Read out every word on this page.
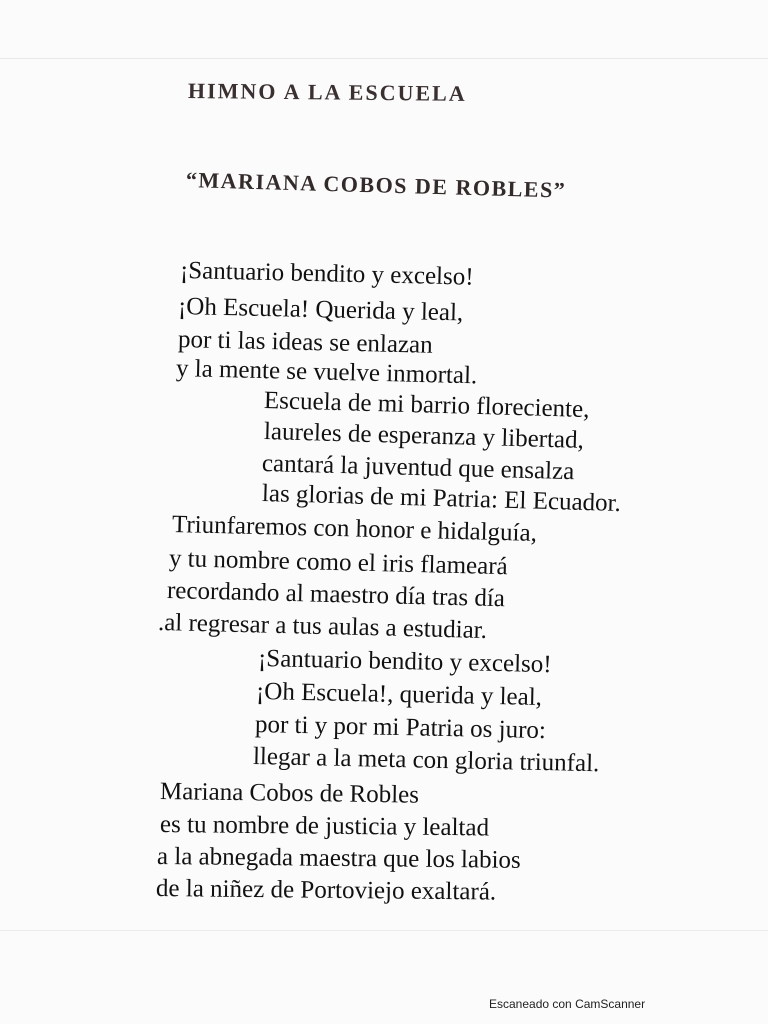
HIMNO A LA ESCUELA
“MARIANA COBOS DE ROBLES”
¡Santuario bendito y excelso!
¡Oh Escuela! Querida y leal,
por ti las ideas se enlazan
y la mente se vuelve inmortal.
Escuela de mi barrio floreciente,
laureles de esperanza y libertad,
cantará la juventud que ensalza
las glorias de mi Patria: El Ecuador.
Triunfaremos con honor e hidalguía,
y tu nombre como el iris flameará
recordando al maestro día tras día
.al regresar a tus aulas a estudiar.
¡Santuario bendito y excelso!
¡Oh Escuela!, querida y leal,
por ti y por mi Patria os juro:
llegar a la meta con gloria triunfal.
Mariana Cobos de Robles
es tu nombre de justicia y lealtad
a la abnegada maestra que los labios
de la niñez de Portoviejo exaltará.
Escaneado con CamScanner
